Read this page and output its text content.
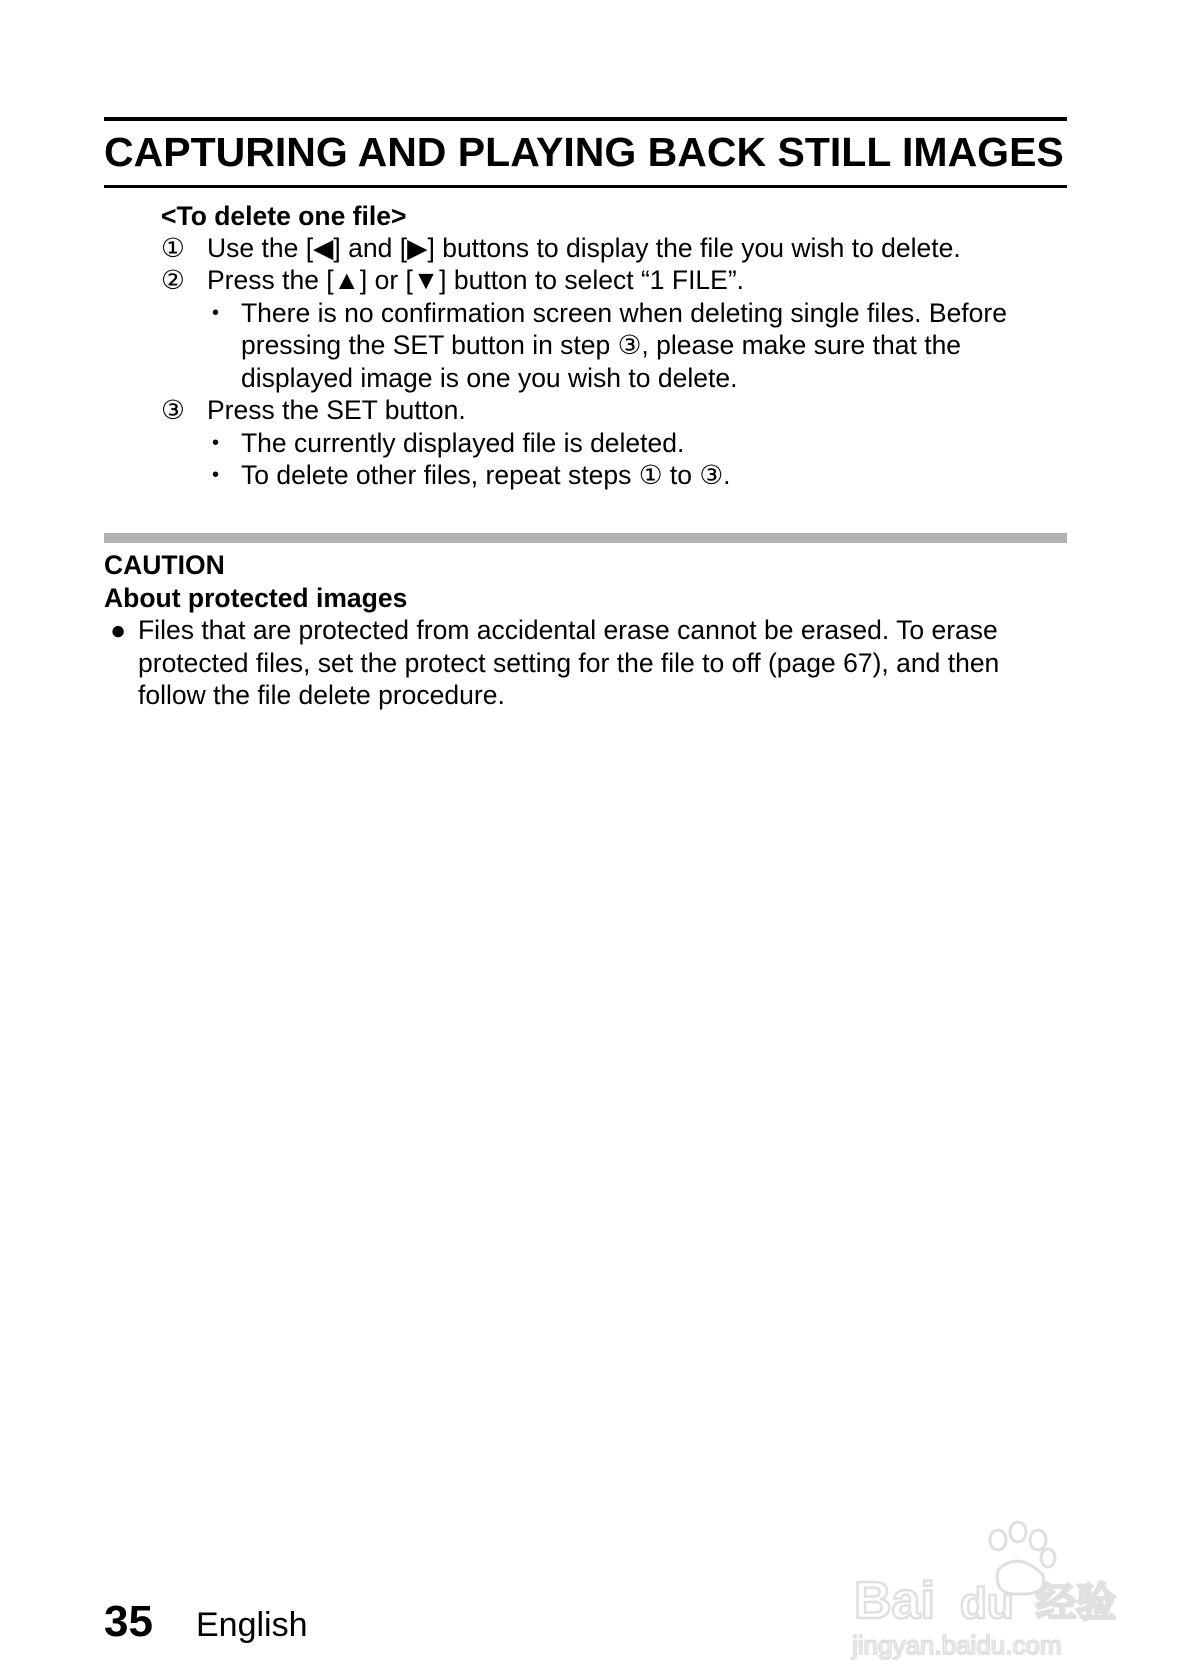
CAPTURING AND PLAYING BACK STILL IMAGES
<To delete one file>
① Use the [◀] and [▶] buttons to display the file you wish to delete.
② Press the [▲] or [▼] button to select “1 FILE”.
• There is no confirmation screen when deleting single files. Before
pressing the SET button in step ③, please make sure that the
displayed image is one you wish to delete.
③ Press the SET button.
• The currently displayed file is deleted.
• To delete other files, repeat steps ① to ③.
CAUTION
About protected images
● Files that are protected from accidental erase cannot be erased. To erase
protected files, set the protect setting for the file to off (page 67), and then
follow the file delete procedure.
35 English	Bai du 经验
jingyan.baidu.com
